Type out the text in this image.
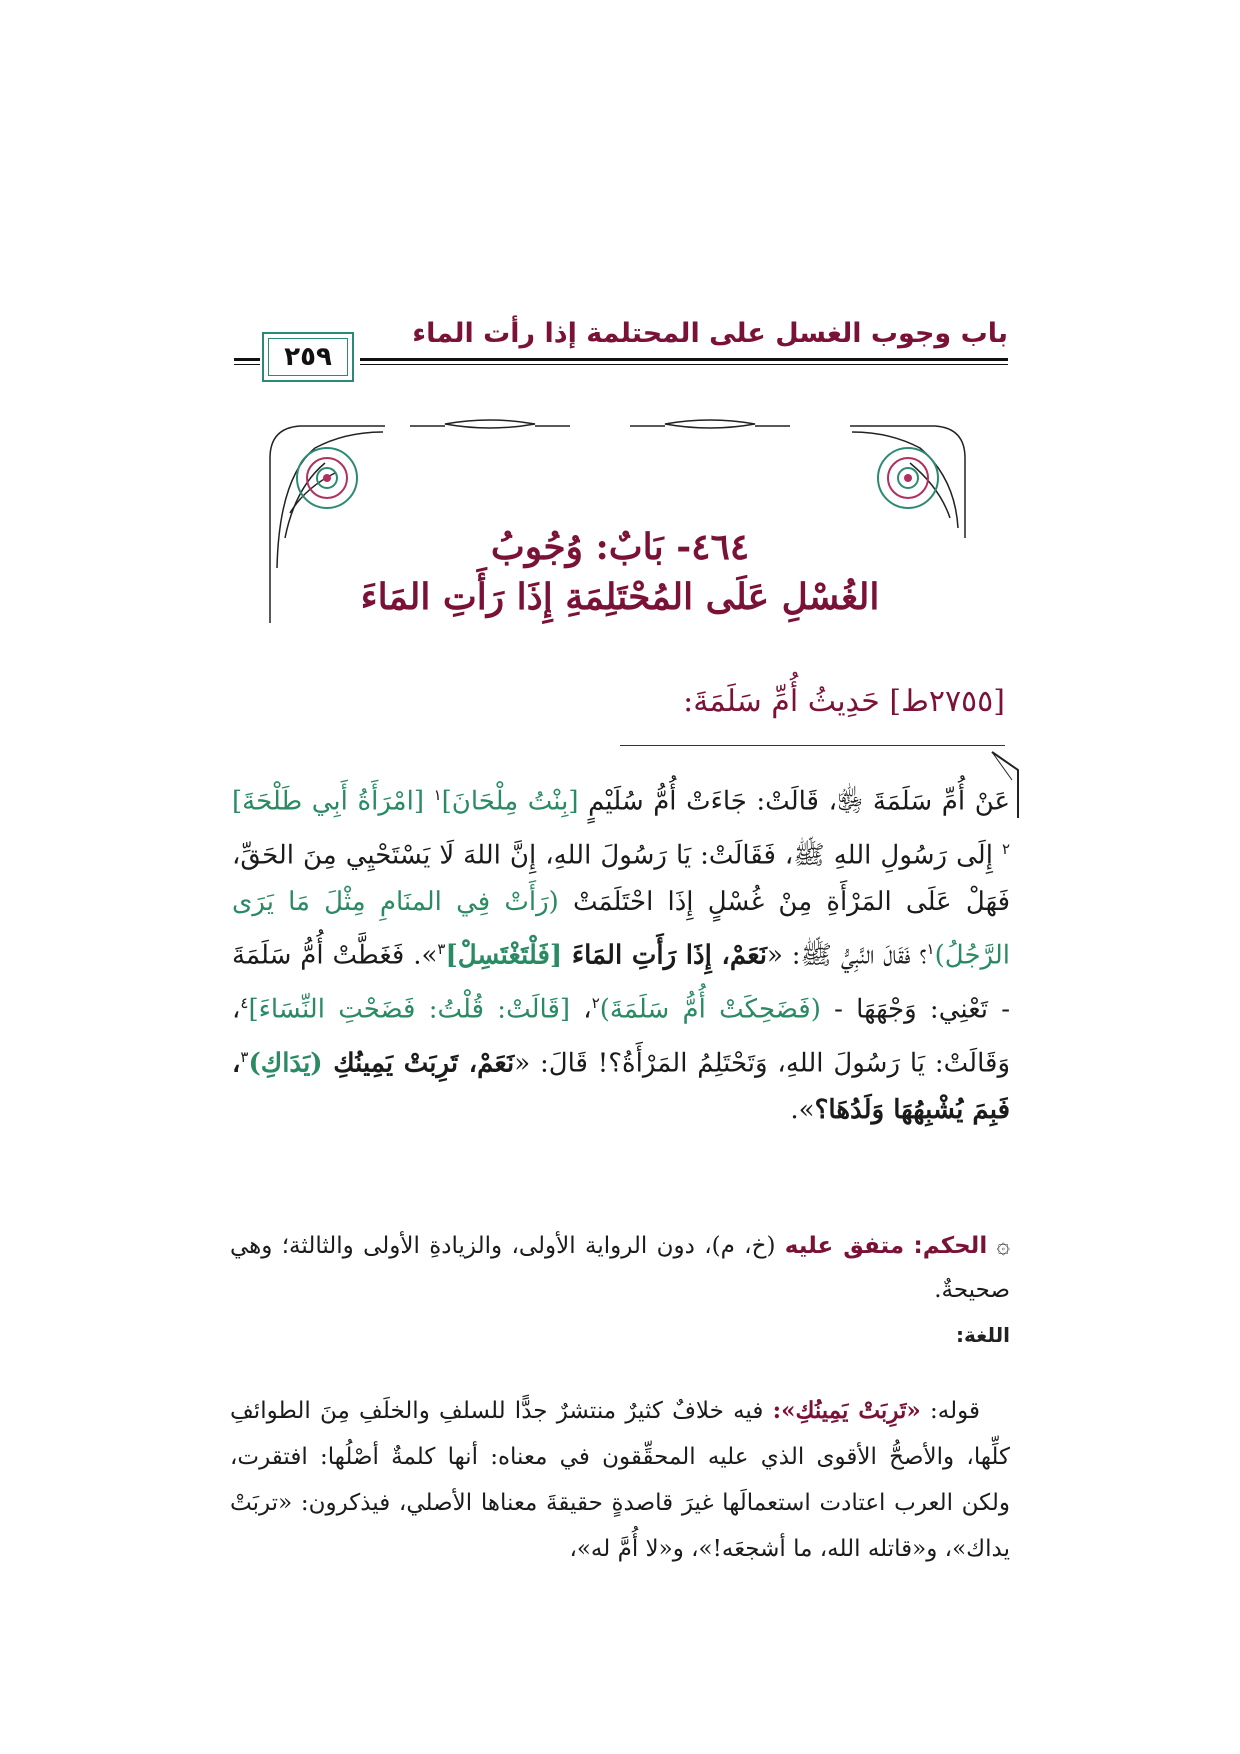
باب وجوب الغسل على المحتلمة إذا رأت الماء
٢٥٩
٤٦٤- بَابٌ: وُجُوبُ
الغُسْلِ عَلَى المُحْتَلِمَةِ إِذَا رَأَتِ المَاءَ
[٢٧٥٥ط] حَدِيثُ أُمِّ سَلَمَةَ:
عَنْ أُمِّ سَلَمَةَ ﵂، قَالَتْ: جَاءَتْ أُمُّ سُلَيْمٍ [بِنْتُ مِلْحَانَ]$^١$ [امْرَأَةُ أَبِي طَلْحَةَ] $^٢$ إِلَى رَسُولِ اللهِ ﷺ، فَقَالَتْ: يَا رَسُولَ اللهِ، إِنَّ اللهَ لَا يَسْتَحْيِي مِنَ الحَقِّ، فَهَلْ عَلَى المَرْأَةِ مِنْ غُسْلٍ إِذَا احْتَلَمَتْ (رَأَتْ فِي المنَامِ مِثْلَ مَا يَرَى الرَّجُلُ)$^١$؟ فَقَالَ النَّبِيُّ ﷺ: «نَعَمْ، إِذَا رَأَتِ المَاءَ [فَلْتَغْتَسِلْ]$^٣$». فَغَطَّتْ أُمُّ سَلَمَةَ - تَعْنِي: وَجْهَهَا - (فَضَحِكَتْ أُمُّ سَلَمَةَ)$^٢$، [قَالَتْ: قُلْتُ: فَضَحْتِ النِّسَاءَ]$^٤$، وَقَالَتْ: يَا رَسُولَ اللهِ، وَتَحْتَلِمُ المَرْأَةُ؟! قَالَ: «نَعَمْ، تَرِبَتْ يَمِينُكِ (يَدَاكِ)$^٣$، فَبِمَ يُشْبِهُهَا وَلَدُهَا؟».
۞ الحكم: متفق عليه (خ، م)، دون الرواية الأولى، والزيادةِ الأولى والثالثة؛ وهي صحيحةٌ.
اللغة:
قوله: «تَرِبَتْ يَمِينُكِ»: فيه خلافٌ كثيرٌ منتشرٌ جدًّا للسلفِ والخلَفِ مِنَ الطوائفِ كلِّها، والأصحُّ الأقوى الذي عليه المحقِّقون في معناه: أنها كلمةٌ أصْلُها: افتقرت، ولكن العرب اعتادت استعمالَها غيرَ قاصدةٍ حقيقةَ معناها الأصلي، فيذكرون: «تربَتْ يداك»، و«قاتله الله، ما أشجعَه!»، و«لا أُمَّ له»،
